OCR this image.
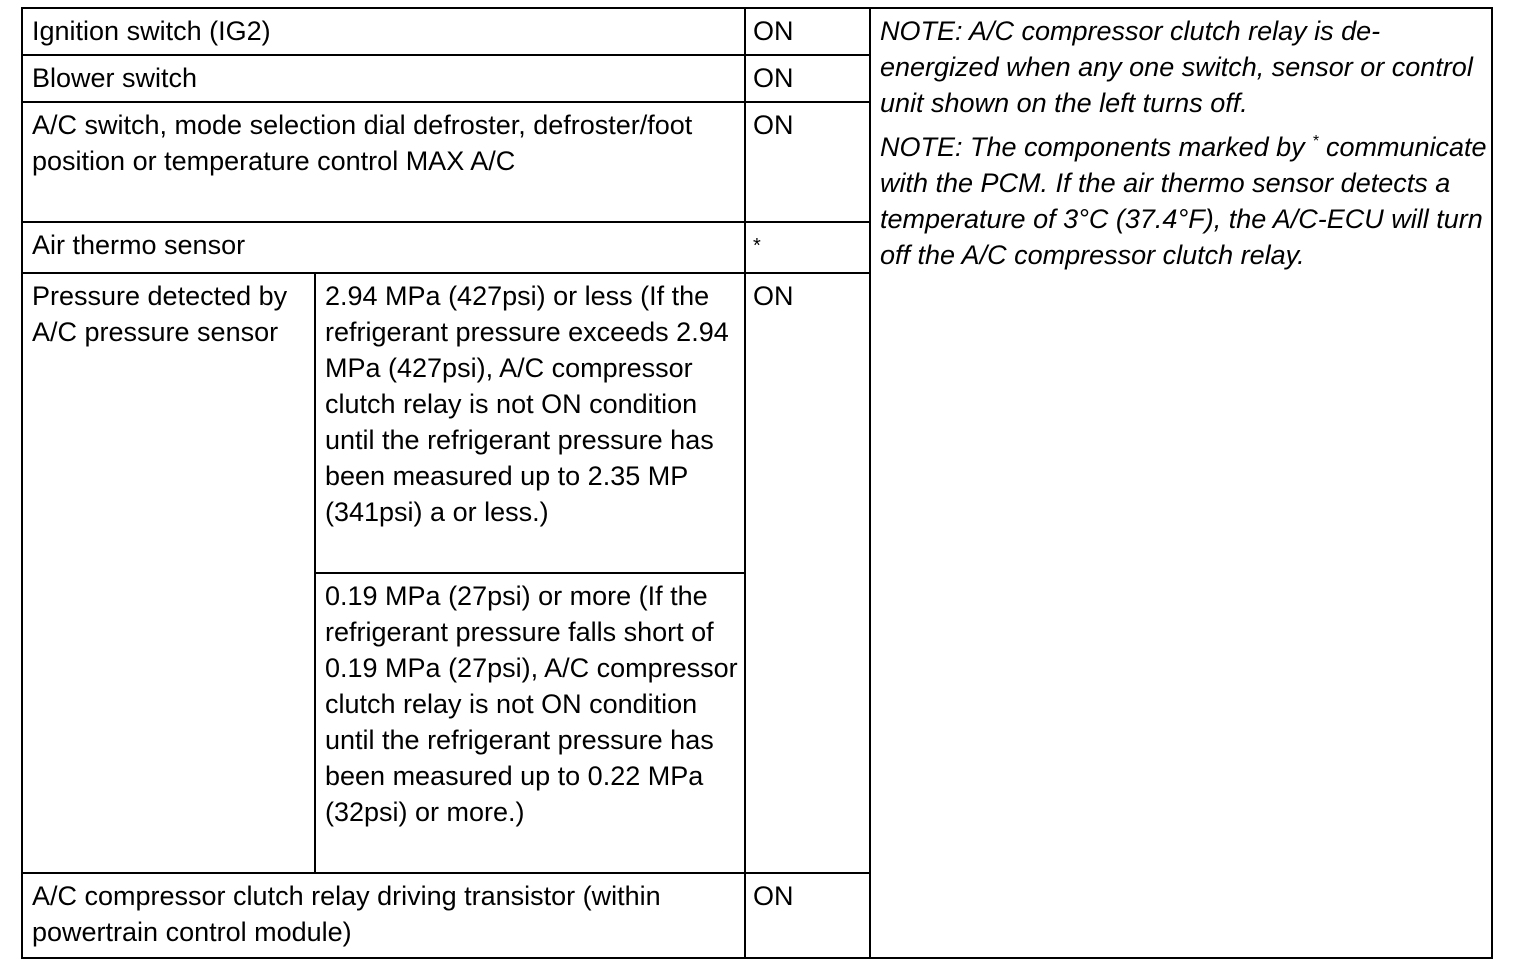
Ignition switch (IG2)		ON	NOTE: A/C compressor clutch relay is de-energized when any one switch, sensor or control unit shown on the left turns off.
NOTE: The components marked by * communicate with the PCM. If the air thermo sensor detects a temperature of 3°C (37.4°F), the A/C-ECU will turn off the A/C compressor clutch relay.

Blower switch		ON	
A/C switch, mode selection dial defroster, defroster/foot position or temperature control MAX A/C		ON	
Air thermo sensor		*	
Pressure detected by A/C pressure sensor	2.94 MPa (427psi) or less (If the refrigerant pressure exceeds 2.94 MPa (427psi), A/C compressor clutch relay is not ON condition until the refrigerant pressure has been measured up to 2.35 MP (341psi) a or less.)	ON	
	0.19 MPa (27psi) or more (If the refrigerant pressure falls short of 0.19 MPa (27psi), A/C compressor clutch relay is not ON condition until the refrigerant pressure has been measured up to 0.22 MPa (32psi) or more.)		
A/C compressor clutch relay driving transistor (within powertrain control module)		ON	
